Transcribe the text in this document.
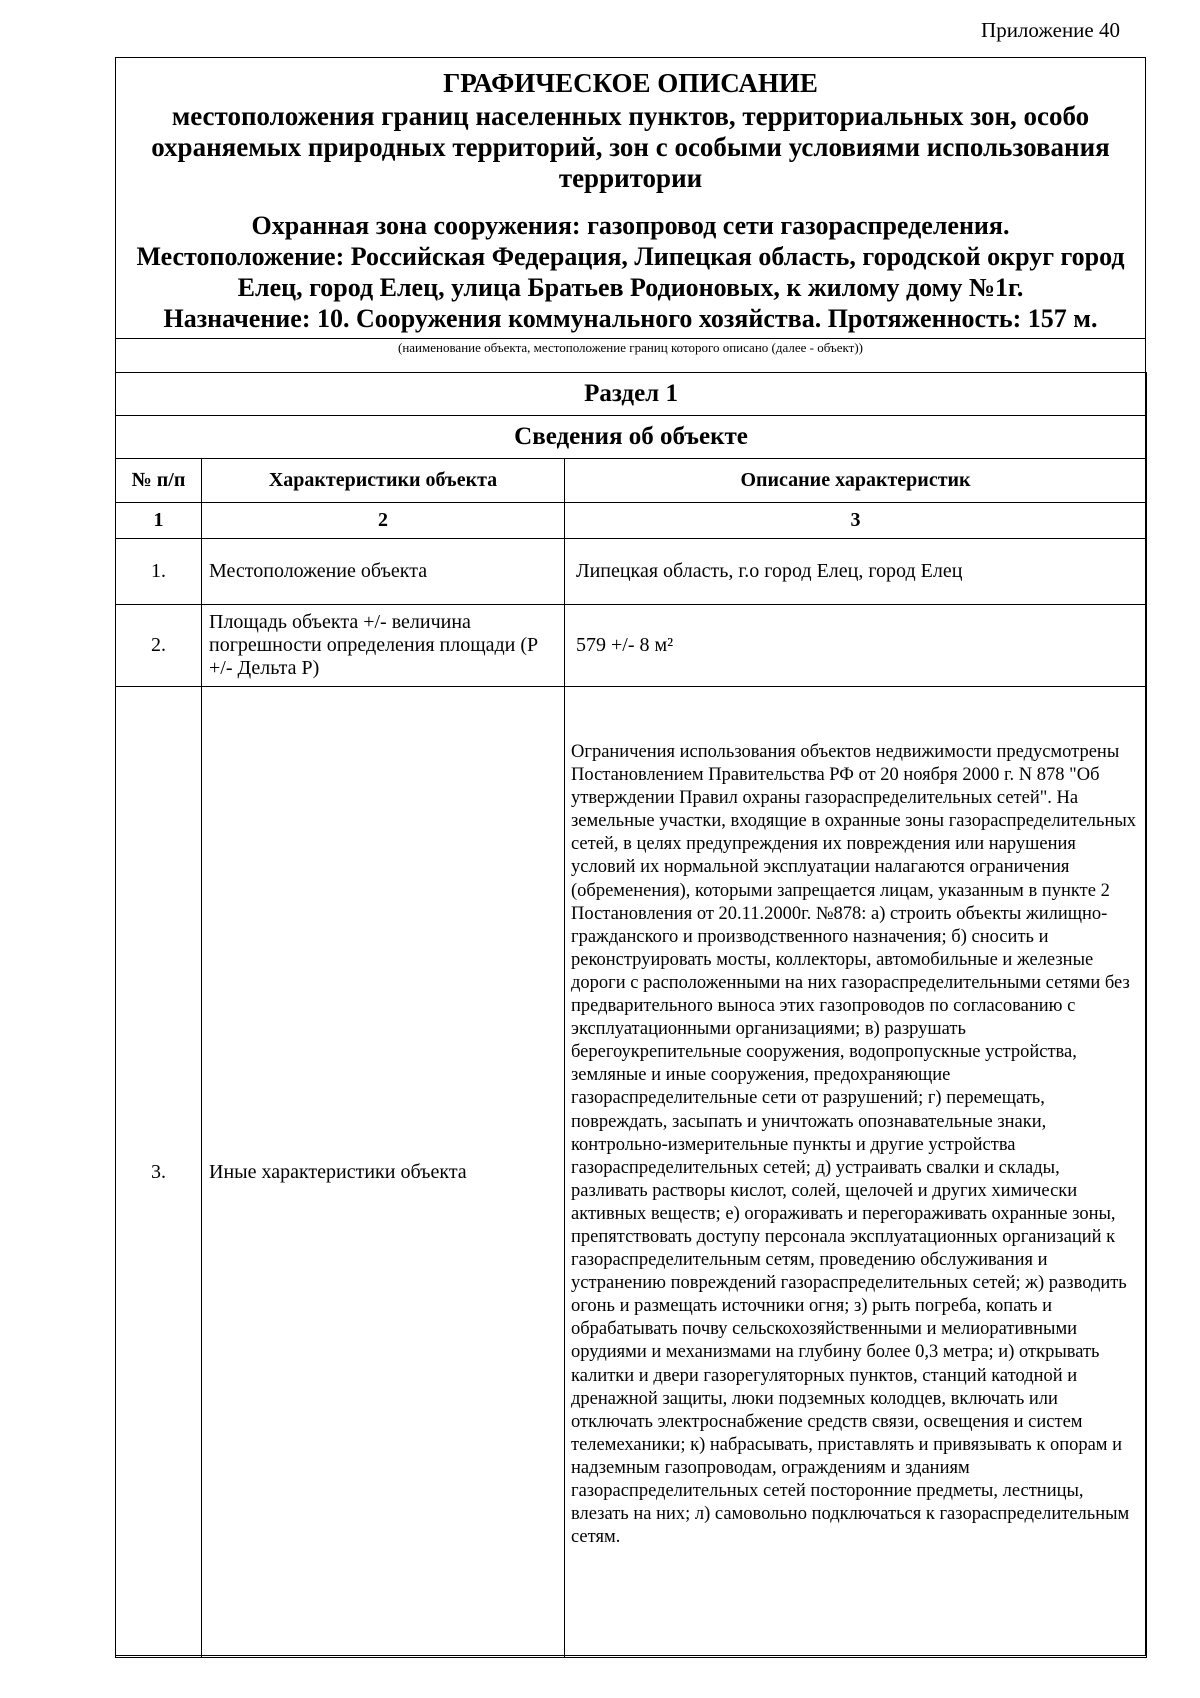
Приложение 40
ГРАФИЧЕСКОЕ ОПИСАНИЕ
местоположения границ населенных пунктов, территориальных зон, особо охраняемых природных территорий, зон с особыми условиями использования территории
Охранная зона сооружения: газопровод сети газораспределения.
Местоположение: Российская Федерация, Липецкая область, городской округ город Елец, город Елец, улица Братьев Родионовых, к жилому дому №1г.
Назначение: 10. Сооружения коммунального хозяйства. Протяженность: 157 м.
(наименование объекта, местоположение границ которого описано (далее - объект))
Раздел 1		
Сведения об объекте		
№ п/п	Характеристики объекта	Описание характеристик
1	2	3
1.	Местоположение объекта	Липецкая область, г.о город Елец, город Елец
2.	Площадь объекта +/- величина погрешности определения площади (Р +/- Дельта Р)	579 +/- 8 м²
3.	Иные характеристики объекта	Ограничения использования объектов недвижимости предусмотрены Постановлением Правительства РФ от 20 ноября 2000 г. N 878 "Об утверждении Правил охраны газораспределительных сетей". На земельные участки, входящие в охранные зоны газораспределительных сетей, в целях предупреждения их повреждения или нарушения условий их нормальной эксплуатации налагаются ограничения (обременения), которыми запрещается лицам, указанным в пункте 2 Постановления от 20.11.2000г. №878: а) строить объекты жилищно-гражданского и производственного назначения; б) сносить и реконструировать мосты, коллекторы, автомобильные и железные дороги с расположенными на них газораспределительными сетями без предварительного выноса этих газопроводов по согласованию с эксплуатационными организациями; в) разрушать берегоукрепительные сооружения, водопропускные устройства, земляные и иные сооружения, предохраняющие газораспределительные сети от разрушений; г) перемещать, повреждать, засыпать и уничтожать опознавательные знаки, контрольно-измерительные пункты и другие устройства газораспределительных сетей; д) устраивать свалки и склады, разливать растворы кислот, солей, щелочей и других химически активных веществ; е) огораживать и перегораживать охранные зоны, препятствовать доступу персонала эксплуатационных организаций к газораспределительным сетям, проведению обслуживания и устранению повреждений газораспределительных сетей; ж) разводить огонь и размещать источники огня; з) рыть погреба, копать и обрабатывать почву сельскохозяйственными и мелиоративными орудиями и механизмами на глубину более 0,3 метра; и) открывать калитки и двери газорегуляторных пунктов, станций катодной и дренажной защиты, люки подземных колодцев, включать или отключать электроснабжение средств связи, освещения и систем телемеханики; к) набрасывать, приставлять и привязывать к опорам и надземным газопроводам, ограждениям и зданиям газораспределительных сетей посторонние предметы, лестницы, влезать на них; л) самовольно подключаться к газораспределительным сетям.
